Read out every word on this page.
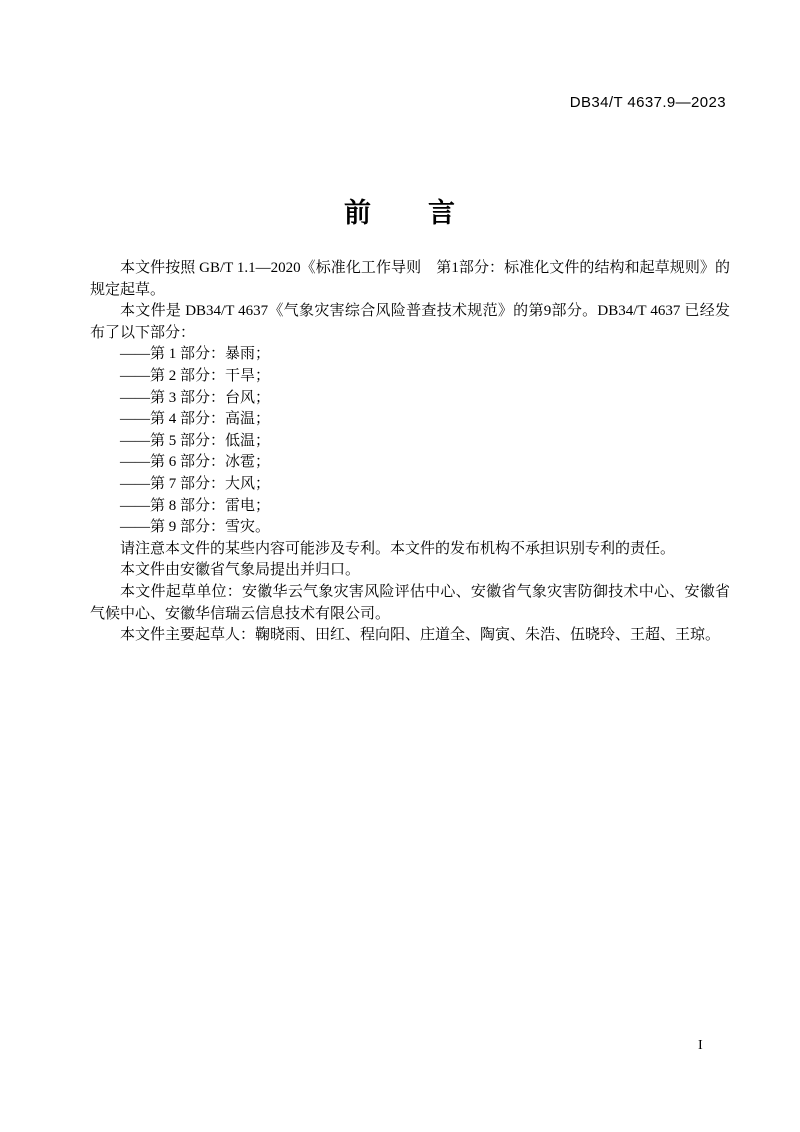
DB34/T 4637.9—2023
前　　言

本文件按照 GB/T 1.1—2020《标准化工作导则　第1部分：标准化文件的结构和起草规则》的规定起草。

本文件是 DB34/T 4637《气象灾害综合风险普查技术规范》的第9部分。DB34/T 4637 已经发布了以下部分：

——第 1 部分：暴雨；

——第 2 部分：干旱；

——第 3 部分：台风；

——第 4 部分：高温；

——第 5 部分：低温；

——第 6 部分：冰雹；

——第 7 部分：大风；

——第 8 部分：雷电；

——第 9 部分：雪灾。

请注意本文件的某些内容可能涉及专利。本文件的发布机构不承担识别专利的责任。

本文件由安徽省气象局提出并归口。

本文件起草单位：安徽华云气象灾害风险评估中心、安徽省气象灾害防御技术中心、安徽省气候中心、安徽华信瑞云信息技术有限公司。

本文件主要起草人：鞠晓雨、田红、程向阳、庄道全、陶寅、朱浩、伍晓玲、王超、王琼。

I
